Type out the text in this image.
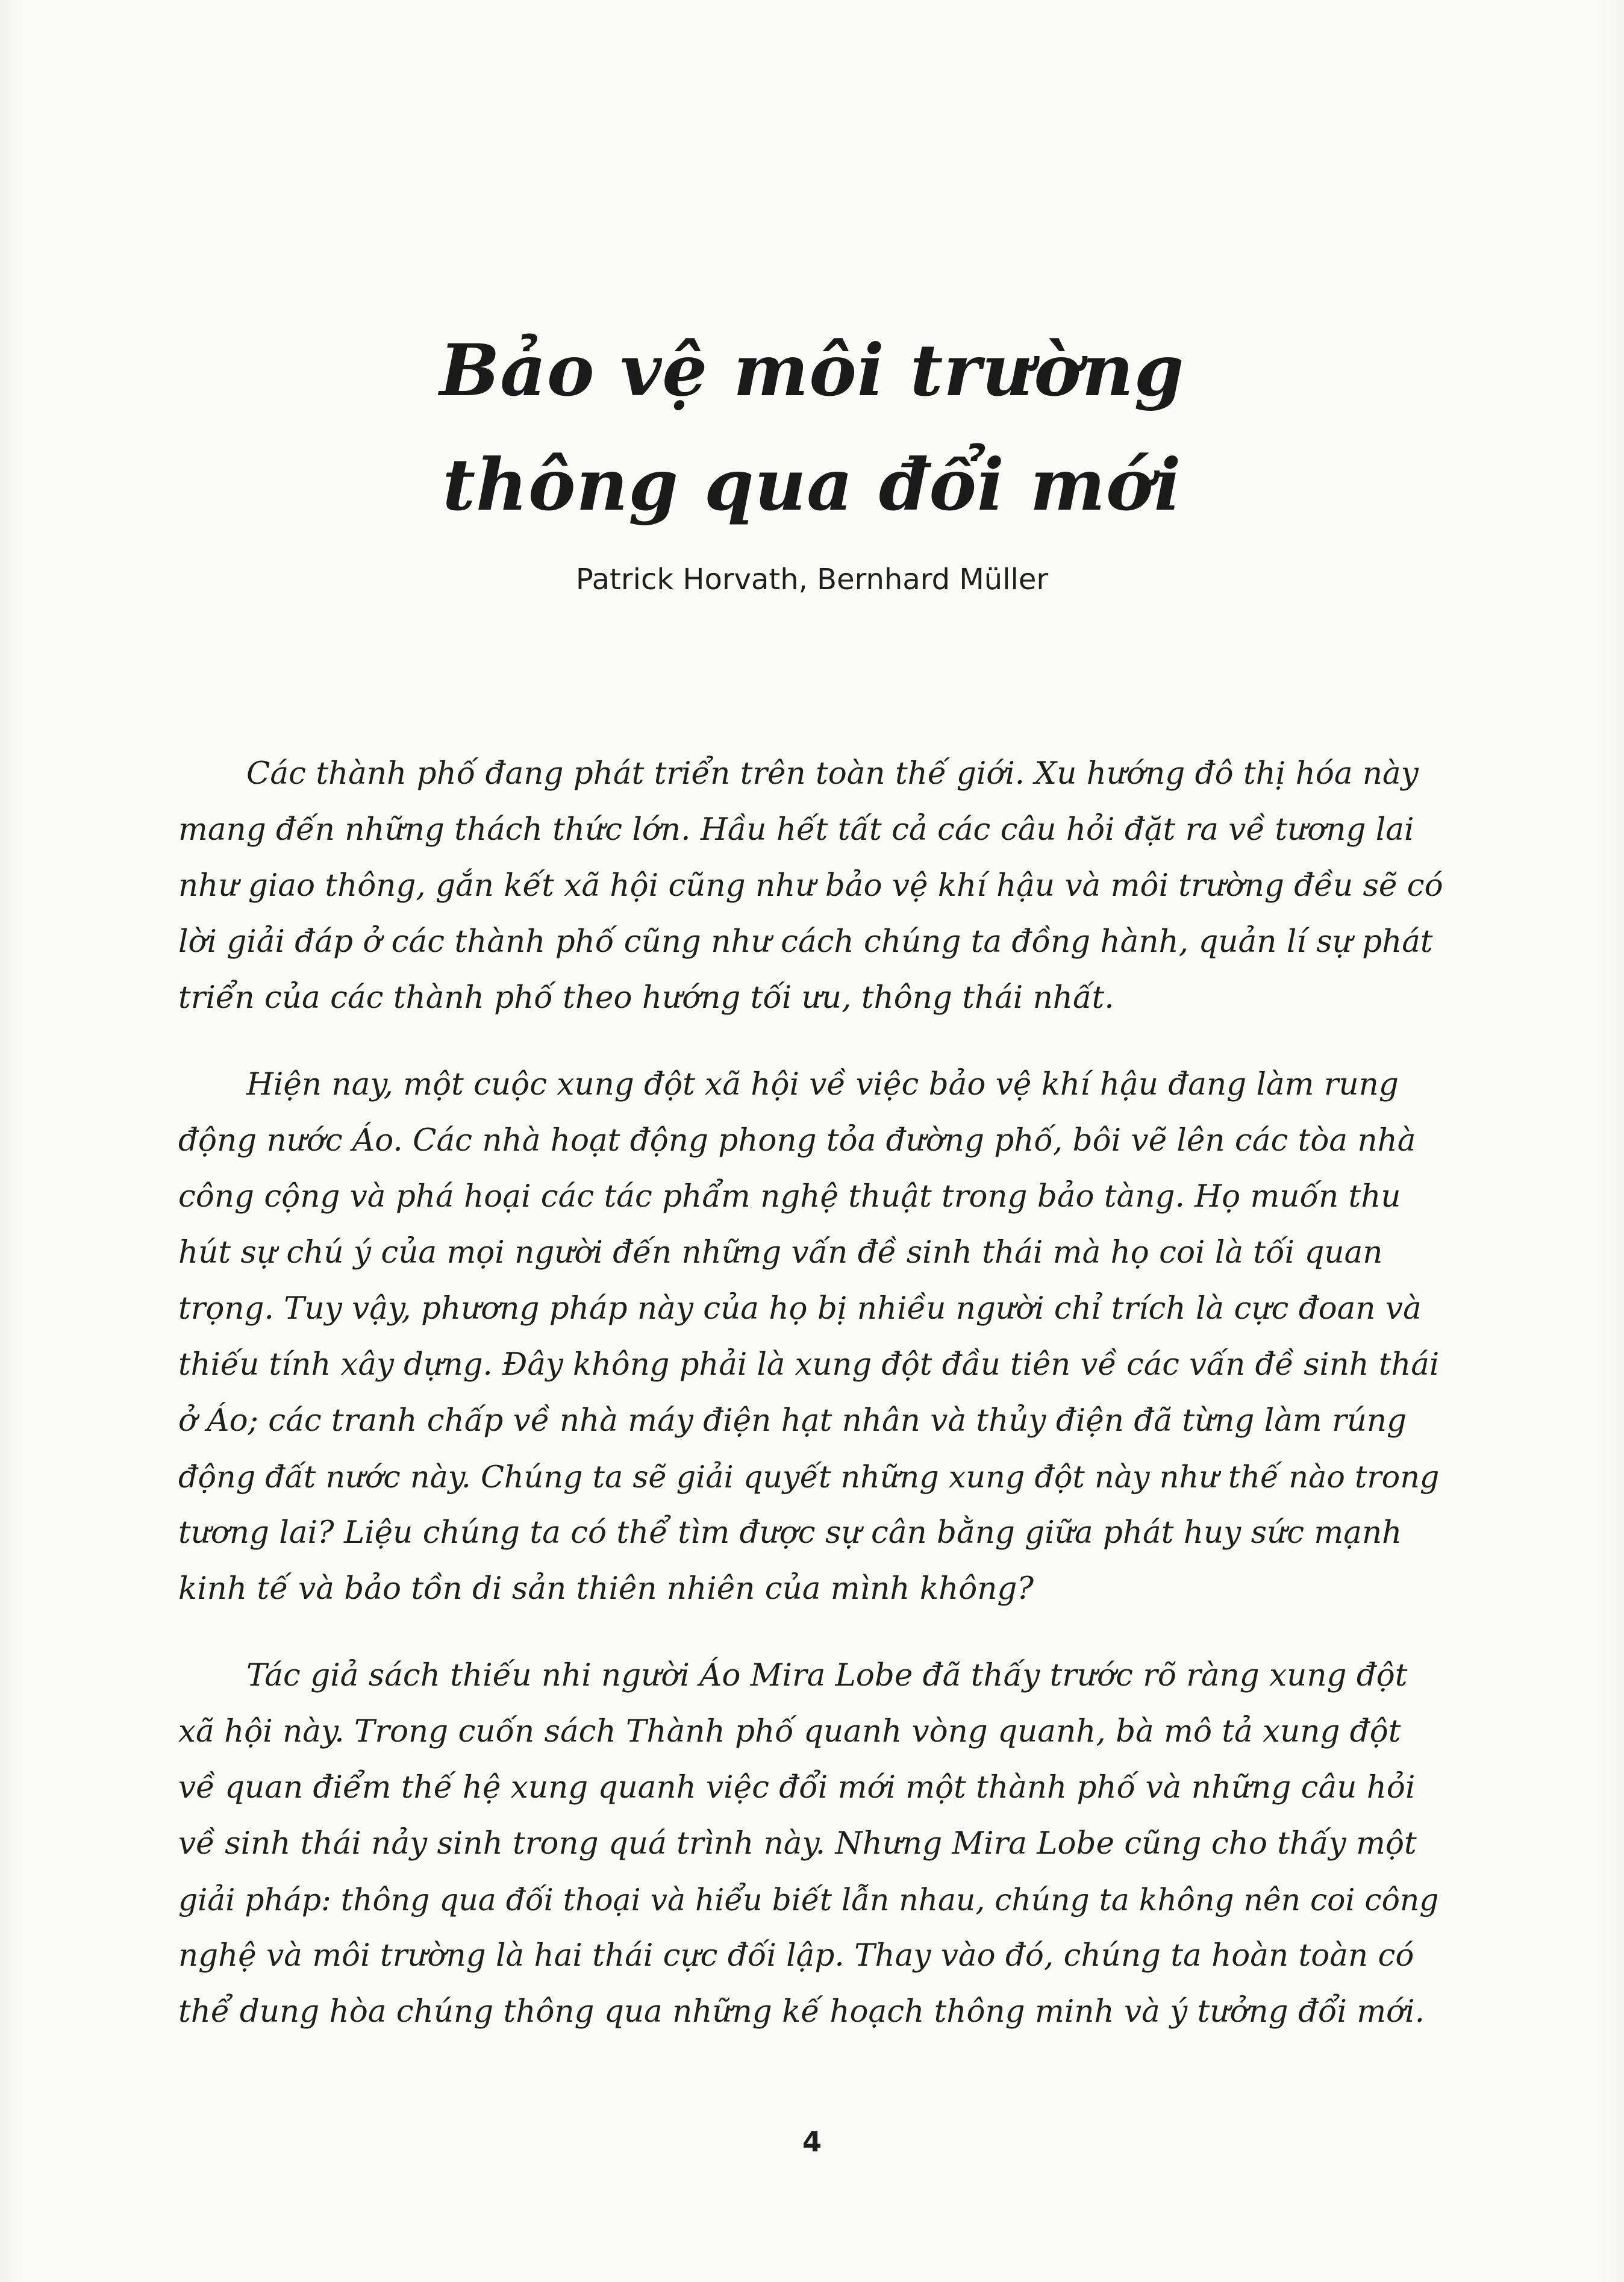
Bảo vệ môi trường
thông qua đổi mới
Patrick Horvath, Bernhard Müller
Các thành phố đang phát triển trên toàn thế giới. Xu hướng đô thị hóa này
mang đến những thách thức lớn. Hầu hết tất cả các câu hỏi đặt ra về tương lai
như giao thông, gắn kết xã hội cũng như bảo vệ khí hậu và môi trường đều sẽ có
lời giải đáp ở các thành phố cũng như cách chúng ta đồng hành, quản lí sự phát
triển của các thành phố theo hướng tối ưu, thông thái nhất.
Hiện nay, một cuộc xung đột xã hội về việc bảo vệ khí hậu đang làm rung
động nước Áo. Các nhà hoạt động phong tỏa đường phố, bôi vẽ lên các tòa nhà
công cộng và phá hoại các tác phẩm nghệ thuật trong bảo tàng. Họ muốn thu
hút sự chú ý của mọi người đến những vấn đề sinh thái mà họ coi là tối quan
trọng. Tuy vậy, phương pháp này của họ bị nhiều người chỉ trích là cực đoan và
thiếu tính xây dựng. Đây không phải là xung đột đầu tiên về các vấn đề sinh thái
ở Áo; các tranh chấp về nhà máy điện hạt nhân và thủy điện đã từng làm rúng
động đất nước này. Chúng ta sẽ giải quyết những xung đột này như thế nào trong
tương lai? Liệu chúng ta có thể tìm được sự cân bằng giữa phát huy sức mạnh
kinh tế và bảo tồn di sản thiên nhiên của mình không?
Tác giả sách thiếu nhi người Áo Mira Lobe đã thấy trước rõ ràng xung đột
xã hội này. Trong cuốn sách Thành phố quanh vòng quanh, bà mô tả xung đột
về quan điểm thế hệ xung quanh việc đổi mới một thành phố và những câu hỏi
về sinh thái nảy sinh trong quá trình này. Nhưng Mira Lobe cũng cho thấy một
giải pháp: thông qua đối thoại và hiểu biết lẫn nhau, chúng ta không nên coi công
nghệ và môi trường là hai thái cực đối lập. Thay vào đó, chúng ta hoàn toàn có
thể dung hòa chúng thông qua những kế hoạch thông minh và ý tưởng đổi mới.
4
